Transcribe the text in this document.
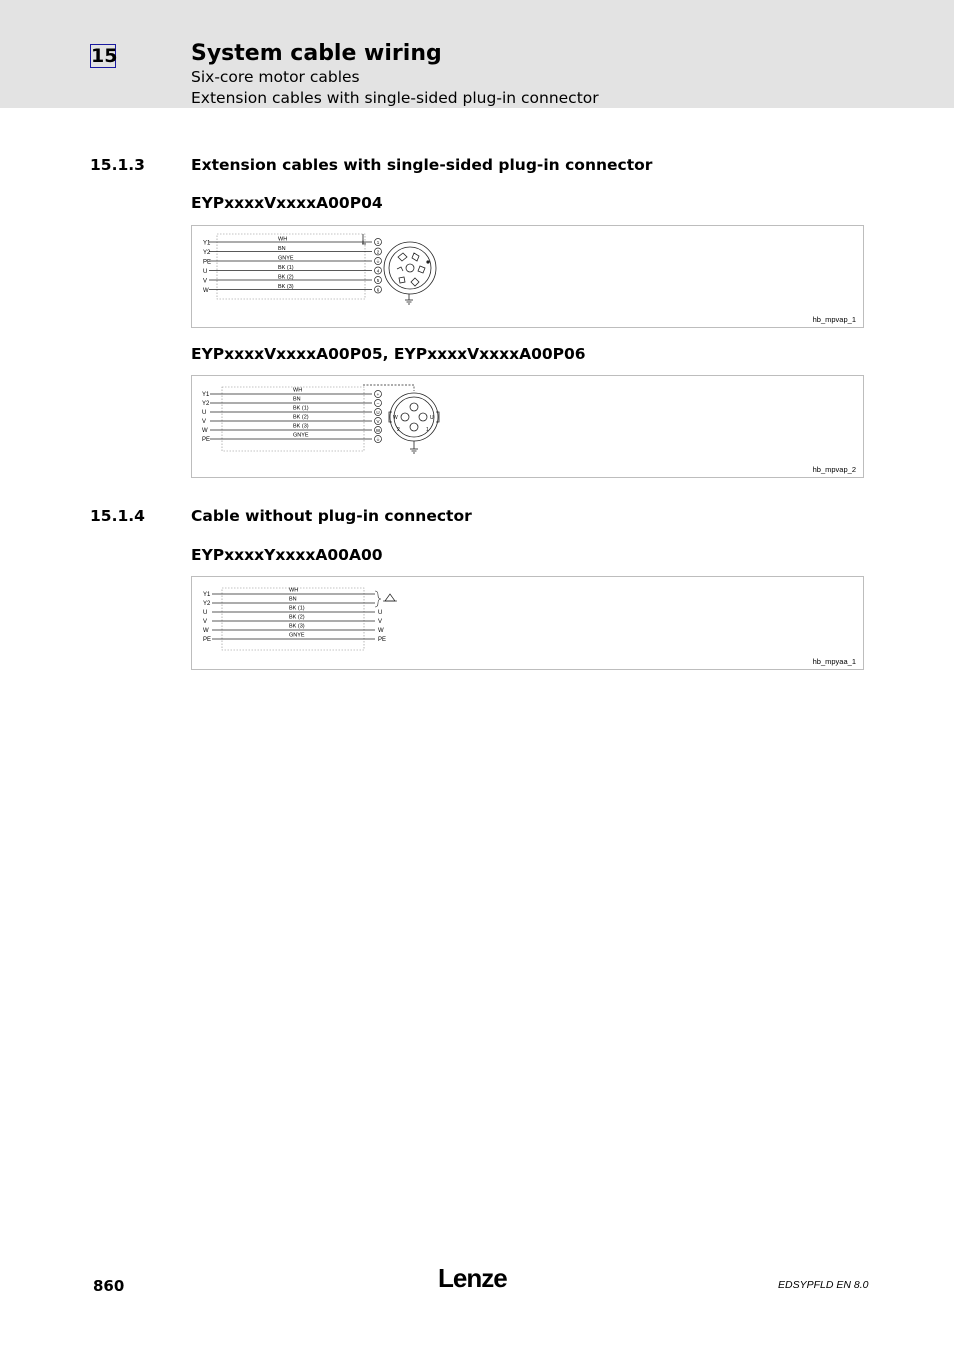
15	System cable wiring
Six-core motor cables
Extension cables with single-sided plug-in connector
15.1.3	Extension cables with single-sided plug-in connector
EYPxxxxVxxxxA00P04
Y1
Y2
PE
U
V
W
WH
BN
GNYE
BK (1)
BK (2)
BK (3)
1
2
⏚
4
5
6
hb_mpvap_1
EYPxxxxVxxxxA00P05, EYPxxxxVxxxxA00P06
Y1
Y2
U
V
W
PE
WH
BN
BK (1)
BK (2)
BK (3)
GNYE
+
–
U
V
W
⏚
W	U
2	1
hb_mpvap_2
15.1.4	Cable without plug-in connector
EYPxxxxYxxxxA00A00
Y1
Y2
U
V
W
PE
WH
BN
BK (1)
BK (2)
BK (3)
GNYE
U
V
W
PE
hb_mpyaa_1
860	Lenze	EDSYPFLD EN 8.0
